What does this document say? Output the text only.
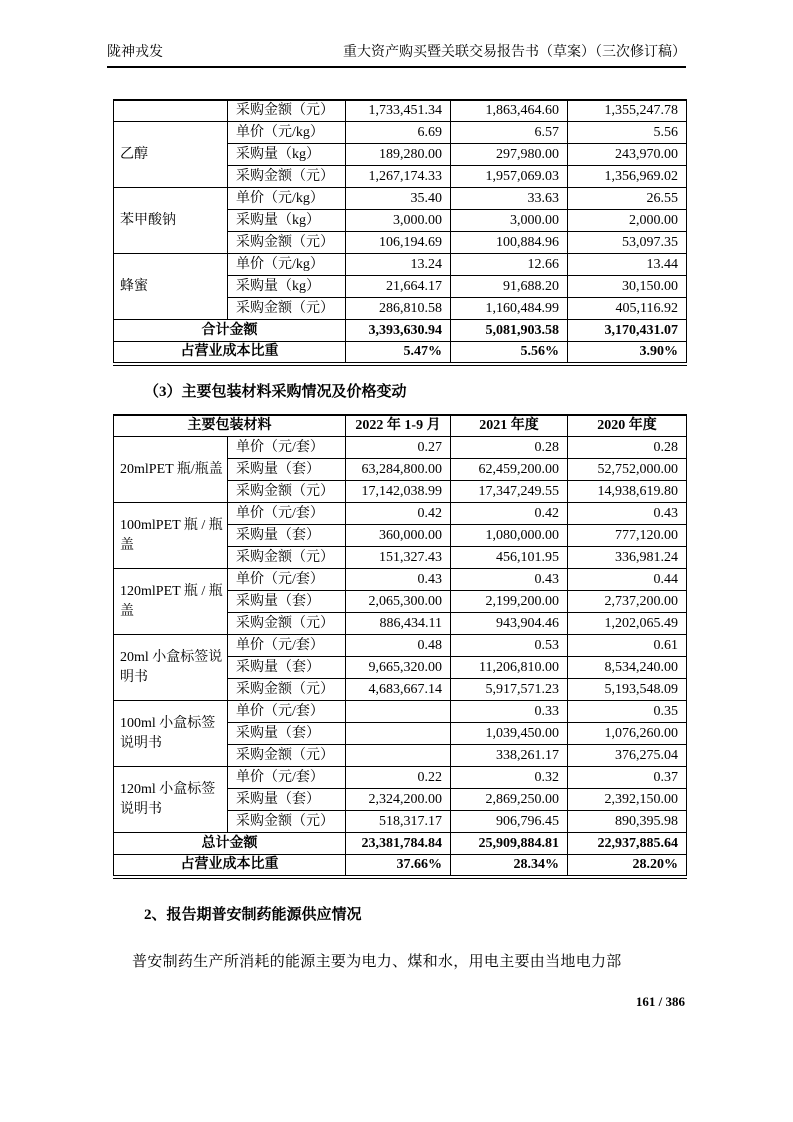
陇神戎发	重大资产购买暨关联交易报告书（草案）（三次修订稿）
	采购金额（元）	1,733,451.34	1,863,464.60	1,355,247.78
乙醇	单价（元/kg）	6.69	6.57	5.56
	采购量（kg）	189,280.00	297,980.00	243,970.00
	采购金额（元）	1,267,174.33	1,957,069.03	1,356,969.02
苯甲酸钠	单价（元/kg）	35.40	33.63	26.55
	采购量（kg）	3,000.00	3,000.00	2,000.00
	采购金额（元）	106,194.69	100,884.96	53,097.35
蜂蜜	单价（元/kg）	13.24	12.66	13.44
	采购量（kg）	21,664.17	91,688.20	30,150.00
	采购金额（元）	286,810.58	1,160,484.99	405,116.92
合计金额		3,393,630.94	5,081,903.58	3,170,431.07
占营业成本比重		5.47%	5.56%	3.90%

（3）主要包装材料采购情况及价格变动

主要包装材料		2022 年 1-9 月	2021 年度	2020 年度
20mlPET 瓶/瓶盖	单价（元/套）	0.27	0.28	0.28
	采购量（套）	63,284,800.00	62,459,200.00	52,752,000.00
	采购金额（元）	17,142,038.99	17,347,249.55	14,938,619.80
100mlPET 瓶 / 瓶盖	单价（元/套）	0.42	0.42	0.43
	采购量（套）	360,000.00	1,080,000.00	777,120.00
	采购金额（元）	151,327.43	456,101.95	336,981.24
120mlPET 瓶 / 瓶盖	单价（元/套）	0.43	0.43	0.44
	采购量（套）	2,065,300.00	2,199,200.00	2,737,200.00
	采购金额（元）	886,434.11	943,904.46	1,202,065.49
20ml 小盒标签说明书	单价（元/套）	0.48	0.53	0.61
	采购量（套）	9,665,320.00	11,206,810.00	8,534,240.00
	采购金额（元）	4,683,667.14	5,917,571.23	5,193,548.09
100ml 小盒标签说明书	单价（元/套）		0.33	0.35
	采购量（套）		1,039,450.00	1,076,260.00
	采购金额（元）		338,261.17	376,275.04
120ml 小盒标签说明书	单价（元/套）	0.22	0.32	0.37
	采购量（套）	2,324,200.00	2,869,250.00	2,392,150.00
	采购金额（元）	518,317.17	906,796.45	890,395.98
总计金额		23,381,784.84	25,909,884.81	22,937,885.64
占营业成本比重		37.66%	28.34%	28.20%

2、报告期普安制药能源供应情况

普安制药生产所消耗的能源主要为电力、煤和水，用电主要由当地电力部

161 / 386
